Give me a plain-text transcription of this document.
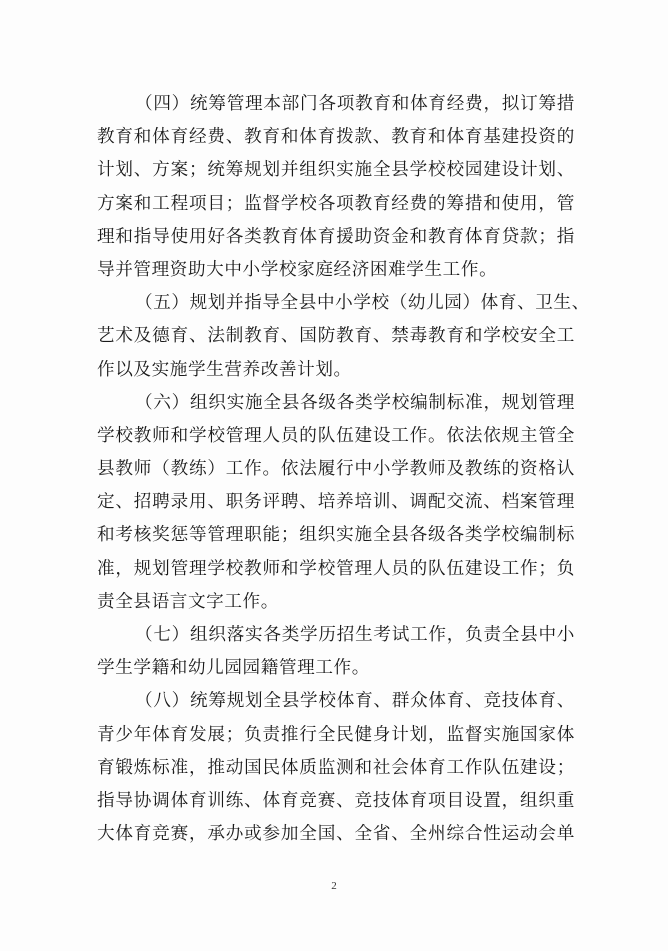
（四）统筹管理本部门各项教育和体育经费，拟订筹措
教育和体育经费、教育和体育拨款、教育和体育基建投资的
计划、方案；统筹规划并组织实施全县学校校园建设计划、
方案和工程项目；监督学校各项教育经费的筹措和使用，管
理和指导使用好各类教育体育援助资金和教育体育贷款；指
导并管理资助大中小学校家庭经济困难学生工作。
（五）规划并指导全县中小学校（幼儿园）体育、卫生、
艺术及德育、法制教育、国防教育、禁毒教育和学校安全工
作以及实施学生营养改善计划。
（六）组织实施全县各级各类学校编制标准，规划管理
学校教师和学校管理人员的队伍建设工作。依法依规主管全
县教师（教练）工作。依法履行中小学教师及教练的资格认
定、招聘录用、职务评聘、培养培训、调配交流、档案管理
和考核奖惩等管理职能；组织实施全县各级各类学校编制标
准，规划管理学校教师和学校管理人员的队伍建设工作；负
责全县语言文字工作。
（七）组织落实各类学历招生考试工作，负责全县中小
学生学籍和幼儿园园籍管理工作。
（八）统筹规划全县学校体育、群众体育、竞技体育、
青少年体育发展；负责推行全民健身计划，监督实施国家体
育锻炼标准，推动国民体质监测和社会体育工作队伍建设；
指导协调体育训练、体育竞赛、竞技体育项目设置，组织重
大体育竞赛，承办或参加全国、全省、全州综合性运动会单
2
